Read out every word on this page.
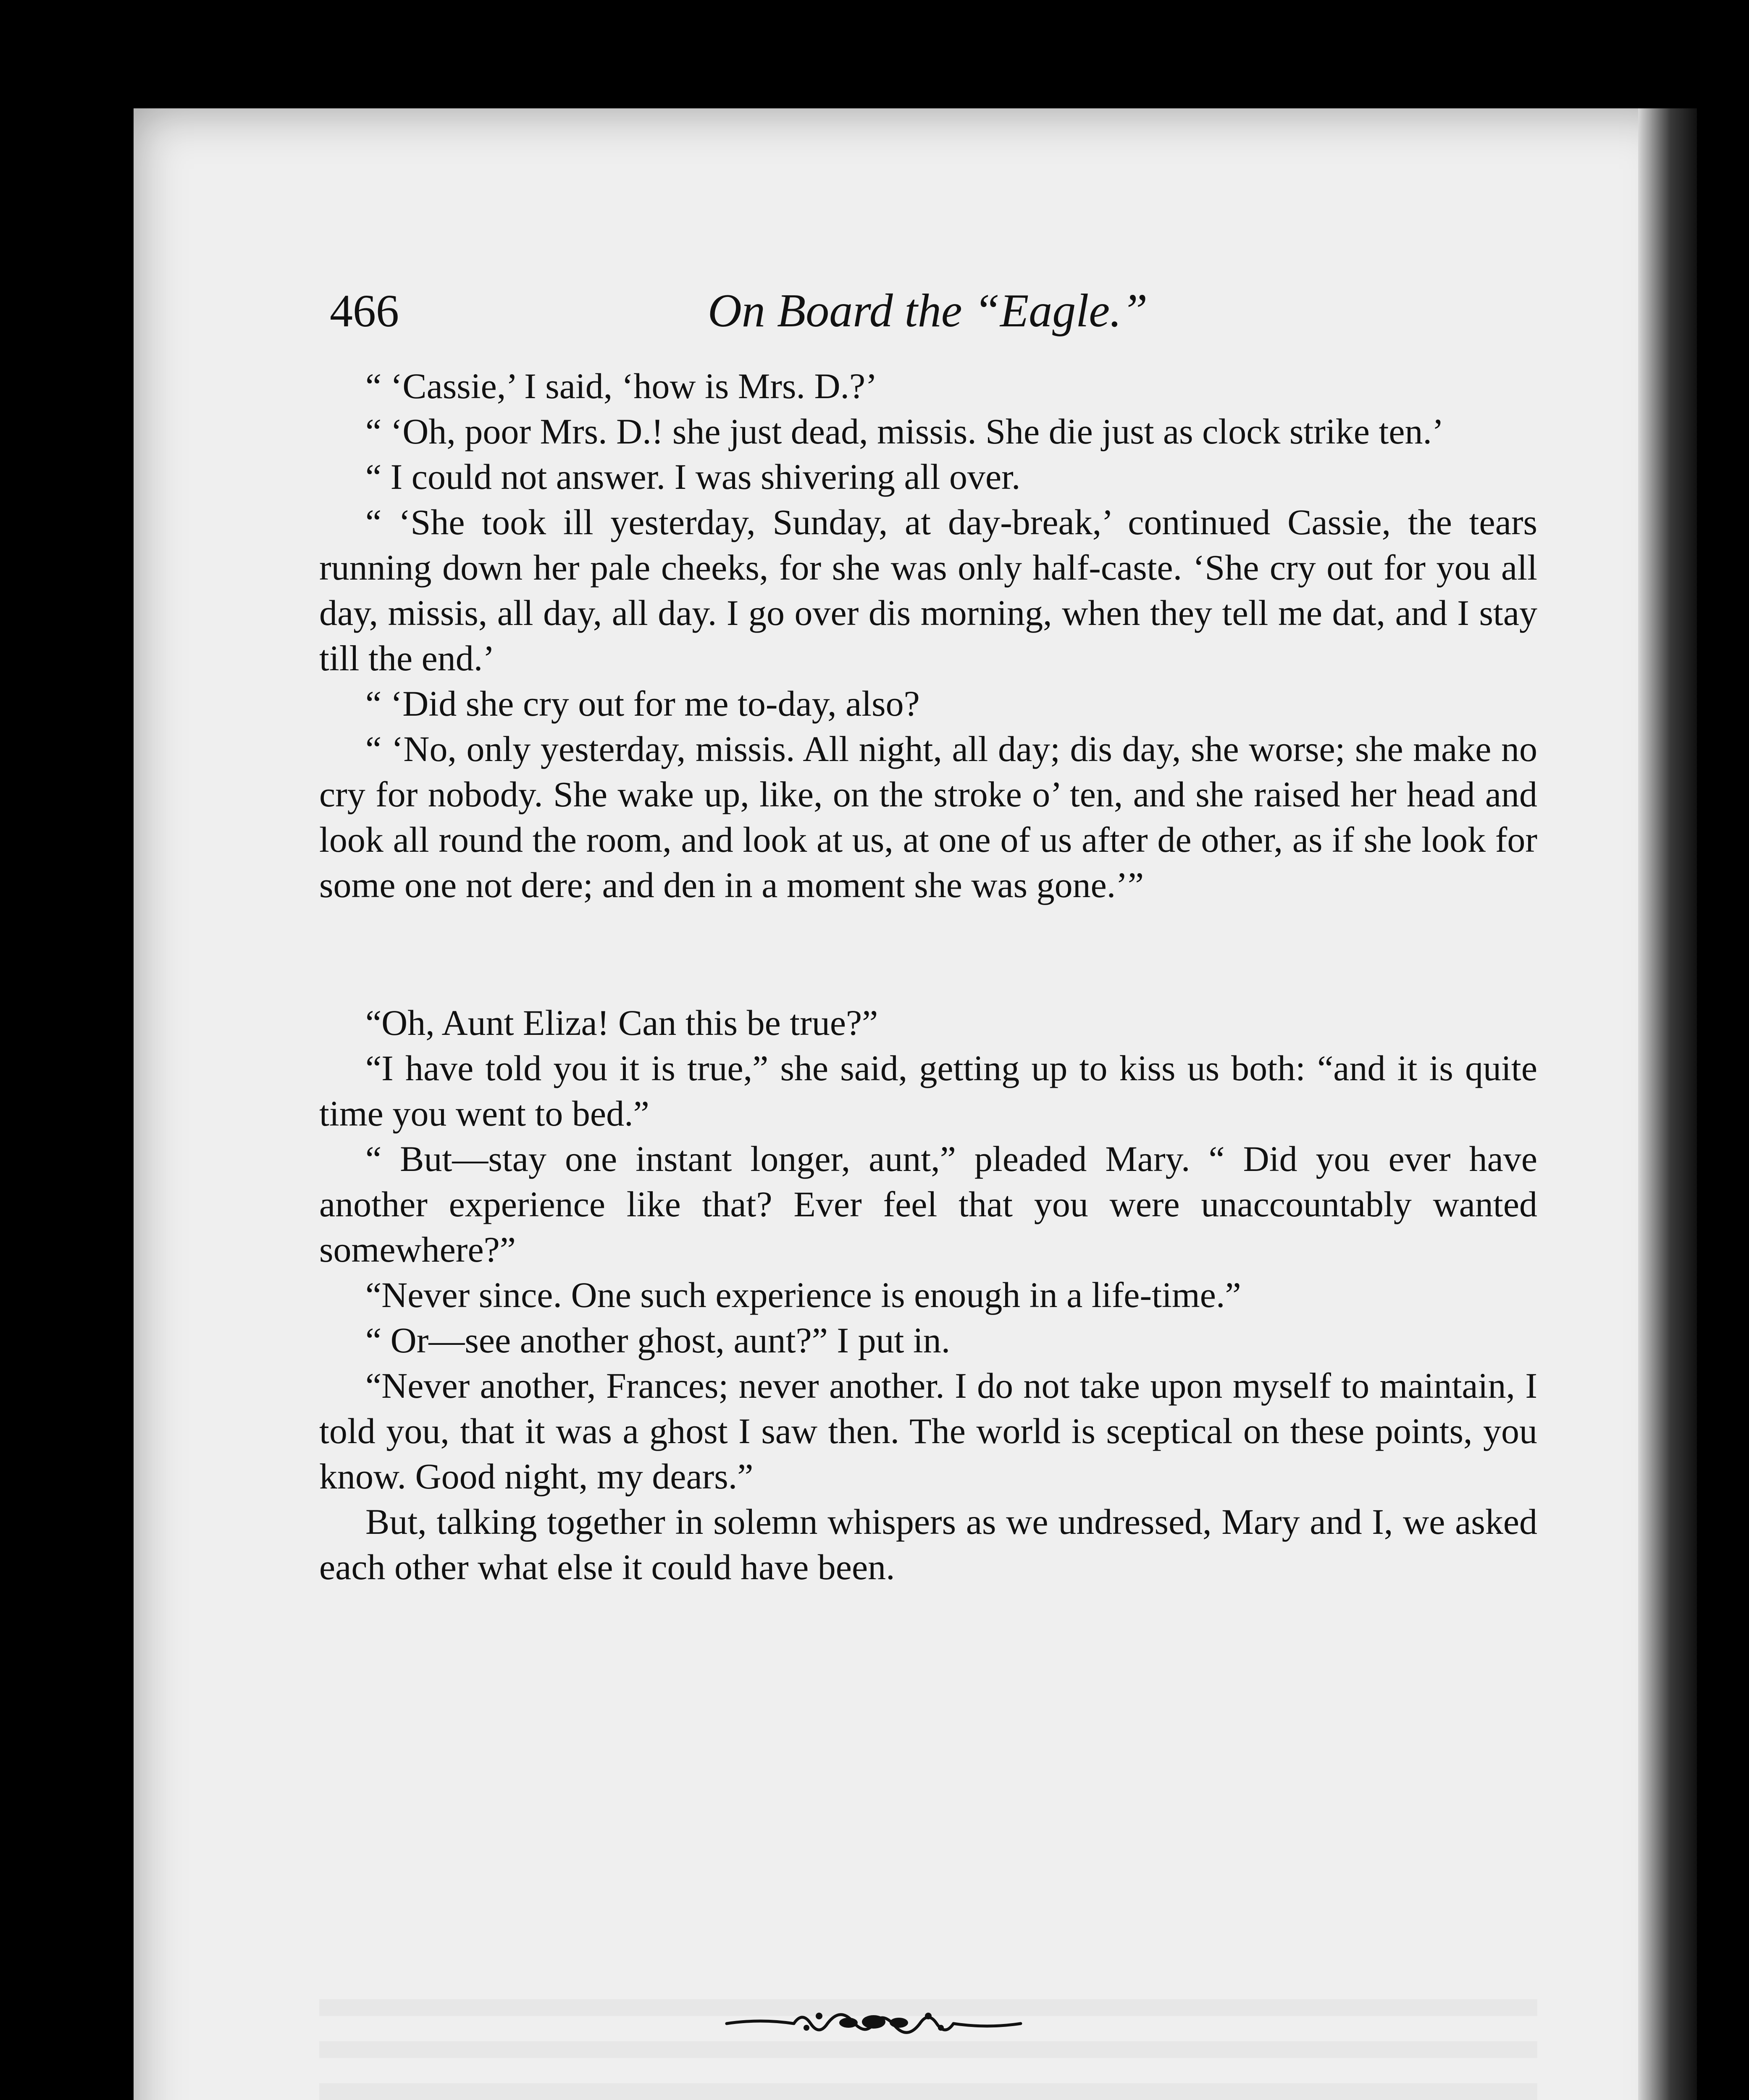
466	On Board the “Eagle.”

“ ‘Cassie,’ I said, ‘how is Mrs. D.?’

“ ‘Oh, poor Mrs. D.! she just dead, missis. She die just as clock strike ten.’

“ I could not answer. I was shivering all over.

“ ‘She took ill yesterday, Sunday, at day-break,’ continued Cassie, the tears running down her pale cheeks, for she was only half-caste. ‘She cry out for you all day, missis, all day, all day. I go over dis morning, when they tell me dat, and I stay till the end.’

“ ‘Did she cry out for me to-day, also?

“ ‘No, only yesterday, missis. All night, all day; dis day, she worse; she make no cry for nobody. She wake up, like, on the stroke o’ ten, and she raised her head and look all round the room, and look at us, at one of us after de other, as if she look for some one not dere; and den in a moment she was gone.’”

“Oh, Aunt Eliza! Can this be true?”

“I have told you it is true,” she said, getting up to kiss us both: “and it is quite time you went to bed.”

“ But—stay one instant longer, aunt,” pleaded Mary. “ Did you ever have another experience like that? Ever feel that you were unaccountably wanted somewhere?”

“Never since. One such experience is enough in a life-time.”

“ Or—see another ghost, aunt?” I put in.

“Never another, Frances; never another. I do not take upon myself to maintain, I told you, that it was a ghost I saw then. The world is sceptical on these points, you know. Good night, my dears.”

But, talking together in solemn whispers as we undressed, Mary and I, we asked each other what else it could have been.
